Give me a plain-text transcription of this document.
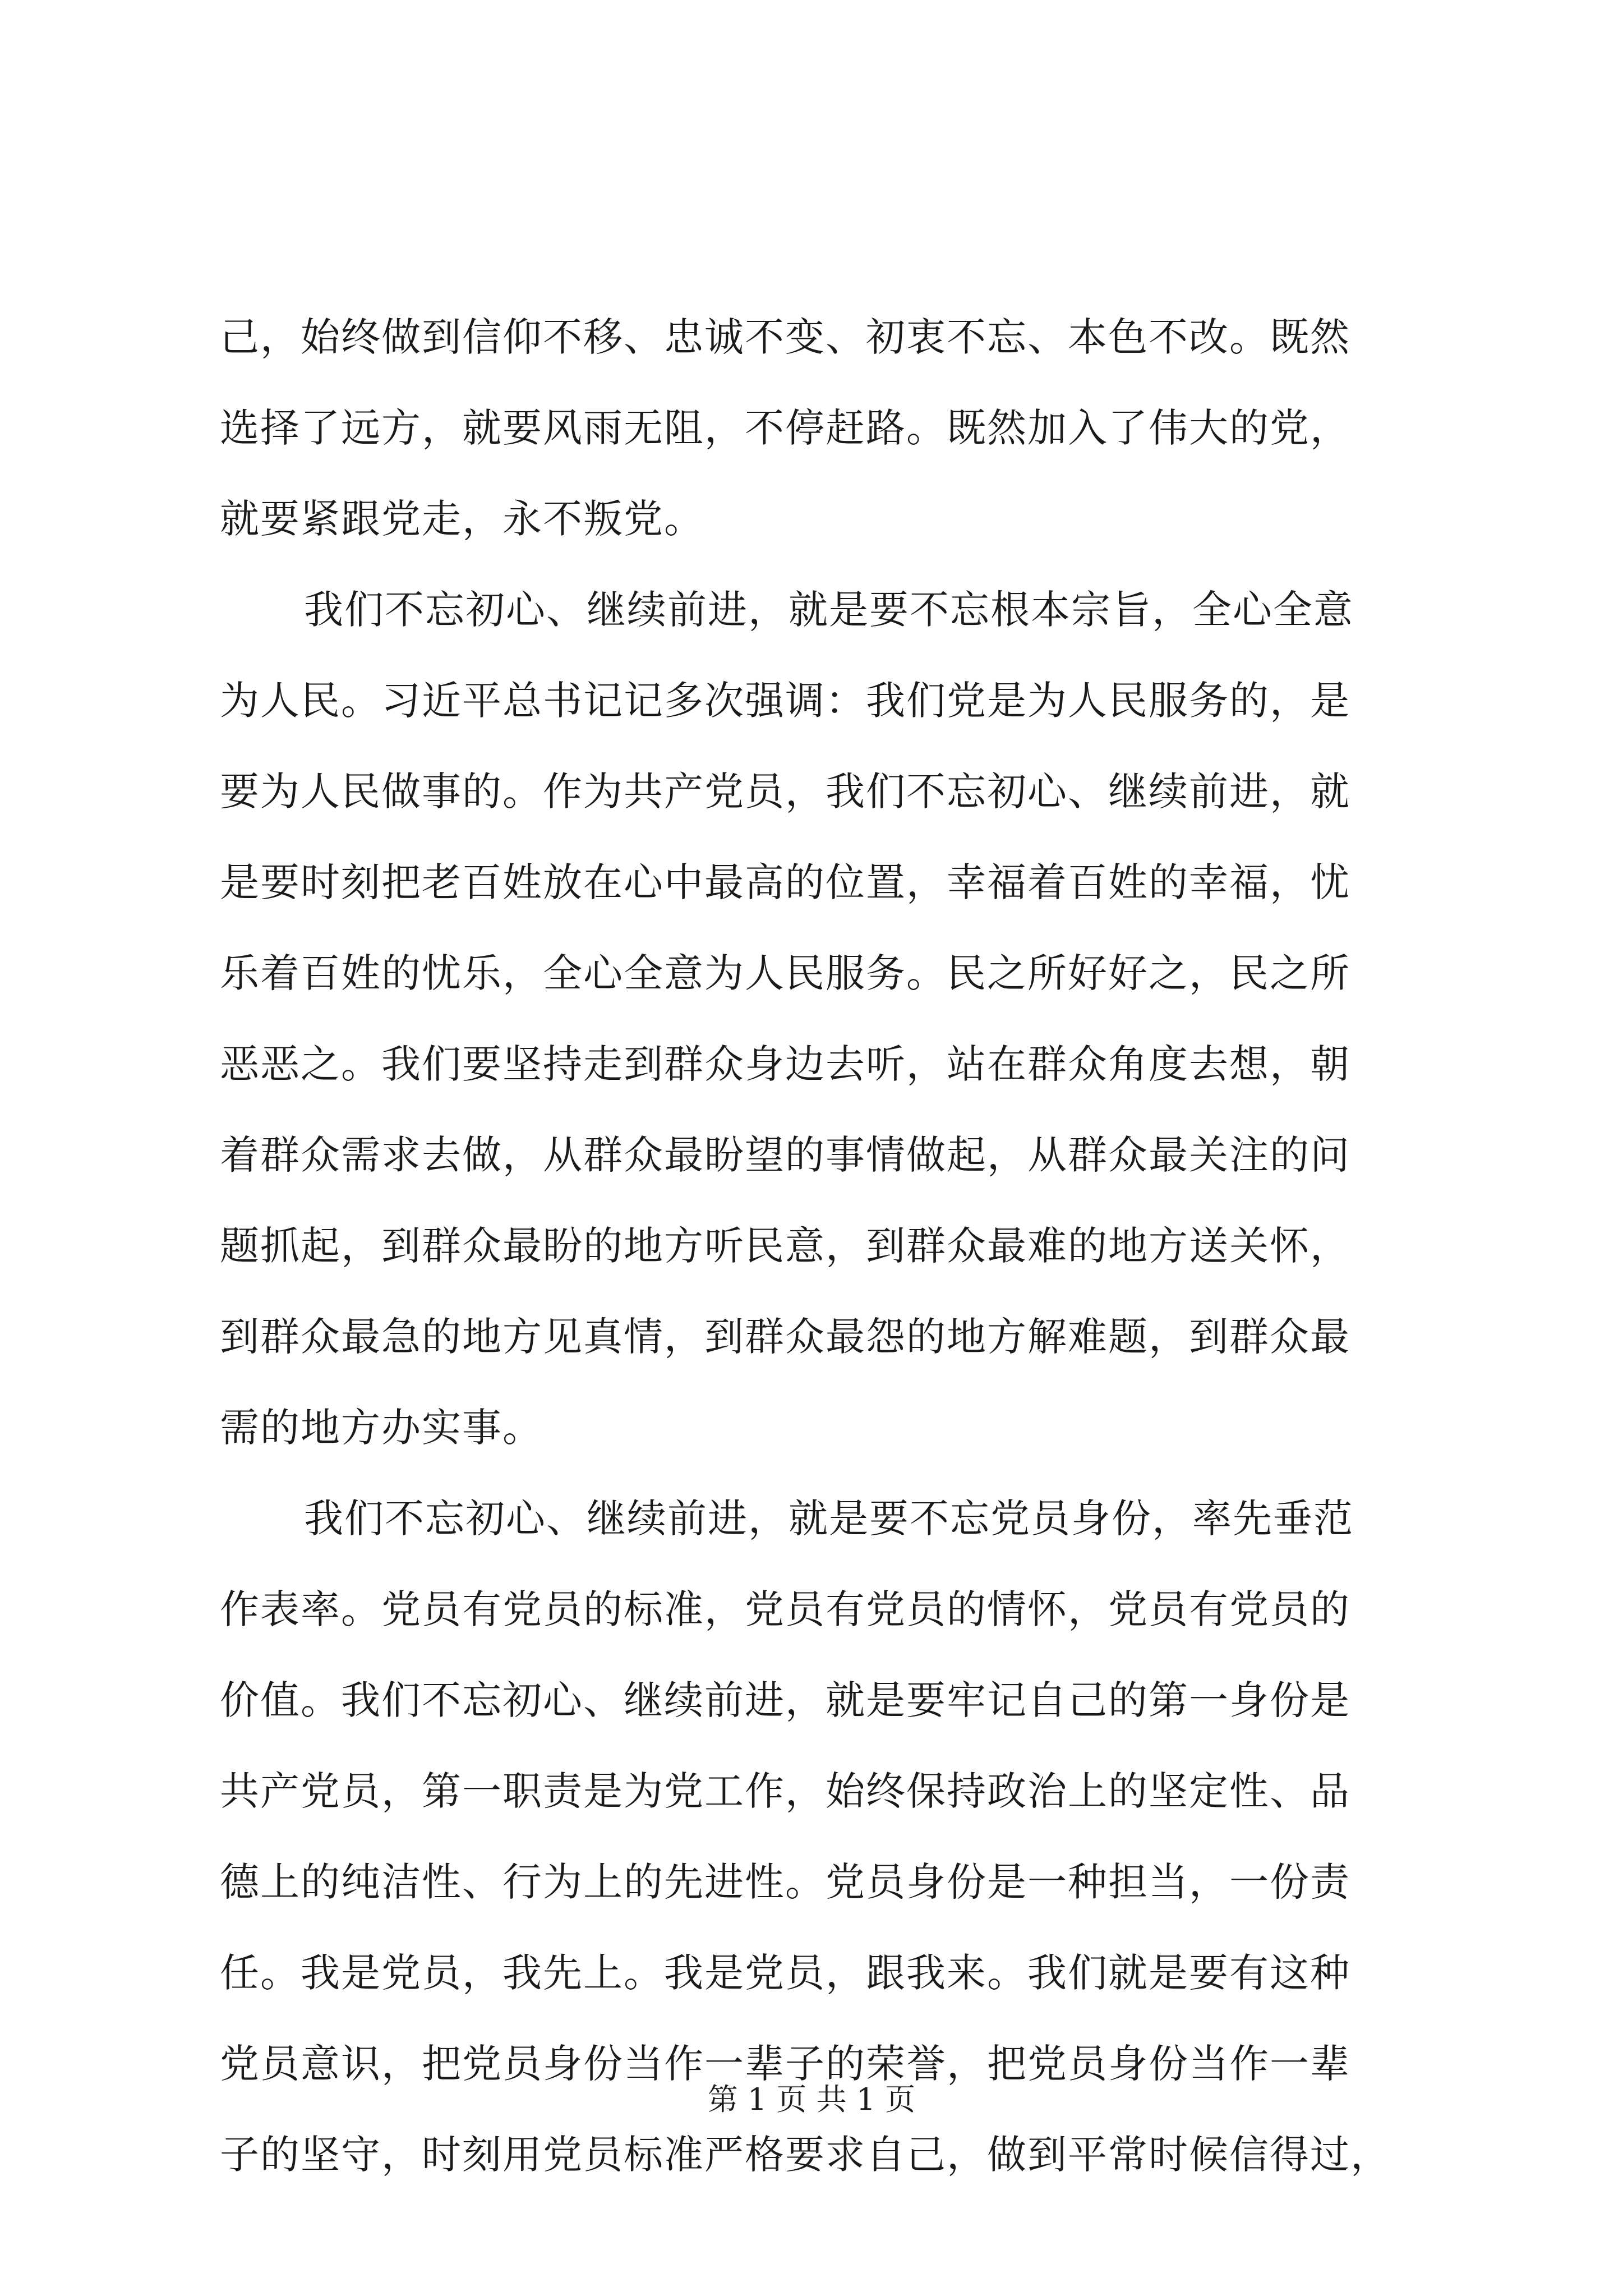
己，始终做到信仰不移、忠诚不变、初衷不忘、本色不改。既然
选择了远方，就要风雨无阻，不停赶路。既然加入了伟大的党，
就要紧跟党走，永不叛党。
我们不忘初心、继续前进，就是要不忘根本宗旨，全心全意
为人民。习近平总书记记多次强调：我们党是为人民服务的，是
要为人民做事的。作为共产党员，我们不忘初心、继续前进，就
是要时刻把老百姓放在心中最高的位置，幸福着百姓的幸福，忧
乐着百姓的忧乐，全心全意为人民服务。民之所好好之，民之所
恶恶之。我们要坚持走到群众身边去听，站在群众角度去想，朝
着群众需求去做，从群众最盼望的事情做起，从群众最关注的问
题抓起，到群众最盼的地方听民意，到群众最难的地方送关怀，
到群众最急的地方见真情，到群众最怨的地方解难题，到群众最
需的地方办实事。
我们不忘初心、继续前进，就是要不忘党员身份，率先垂范
作表率。党员有党员的标准，党员有党员的情怀，党员有党员的
价值。我们不忘初心、继续前进，就是要牢记自己的第一身份是
共产党员，第一职责是为党工作，始终保持政治上的坚定性、品
德上的纯洁性、行为上的先进性。党员身份是一种担当，一份责
任。我是党员，我先上。我是党员，跟我来。我们就是要有这种
党员意识，把党员身份当作一辈子的荣誉，把党员身份当作一辈
子的坚守，时刻用党员标准严格要求自己，做到平常时候信得过，
第 1 页 共 1 页
